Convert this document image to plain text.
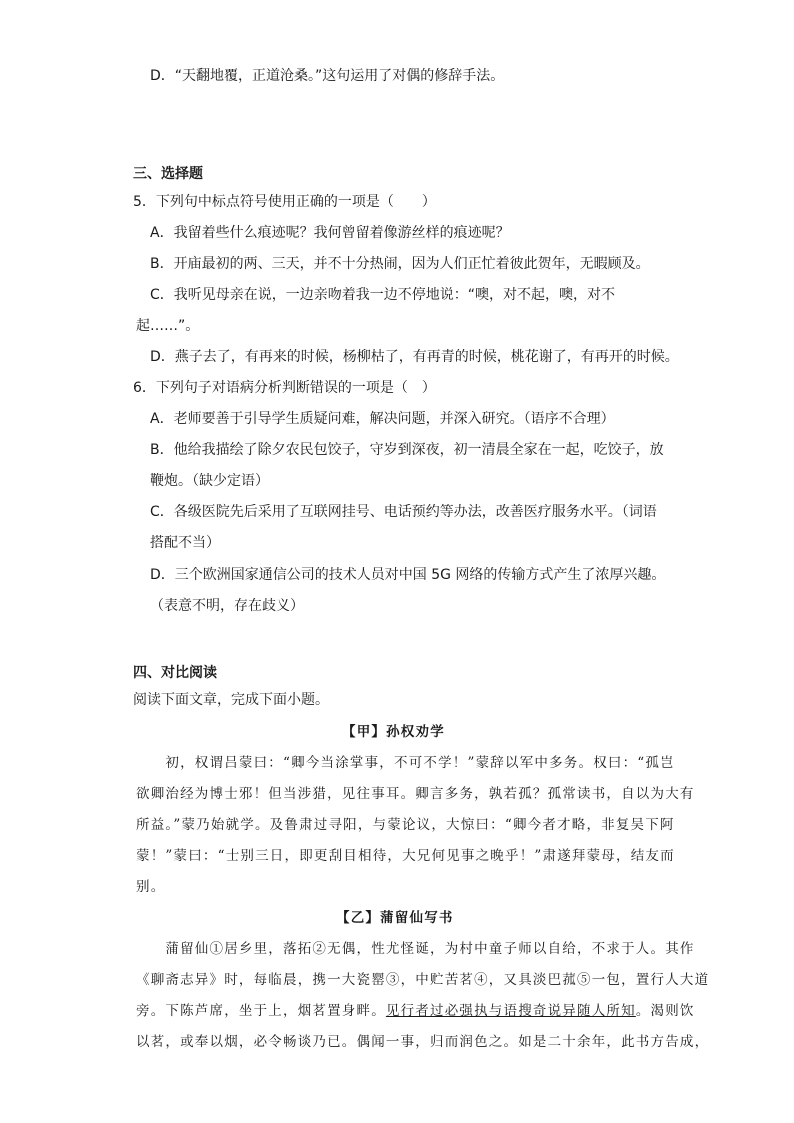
D．“天翻地覆，正道沧桑。”这句运用了对偶的修辞手法。
三、选择题
5．下列句中标点符号使用正确的一项是（　　）
A．我留着些什么痕迹呢？我何曾留着像游丝样的痕迹呢？
B．开庙最初的两、三天，并不十分热闹，因为人们正忙着彼此贺年，无暇顾及。
C．我听见母亲在说，一边亲吻着我一边不停地说：“噢，对不起，噢，对不
起……”。
D．燕子去了，有再来的时候，杨柳枯了，有再青的时候，桃花谢了，有再开的时候。
6．下列句子对语病分析判断错误的一项是（　）
A．老师要善于引导学生质疑问难，解决问题，并深入研究。（语序不合理）
B．他给我描绘了除夕农民包饺子，守岁到深夜，初一清晨全家在一起，吃饺子，放
鞭炮。（缺少定语）
C．各级医院先后采用了互联网挂号、电话预约等办法，改善医疗服务水平。（词语
搭配不当）
D．三个欧洲国家通信公司的技术人员对中国 5G 网络的传输方式产生了浓厚兴趣。
（表意不明，存在歧义）
四、对比阅读
阅读下面文章，完成下面小题。
【甲】孙权劝学
　　初，权谓吕蒙曰：“卿今当涂掌事，不可不学！”蒙辞以军中多务。权曰：“孤岂
欲卿治经为博士邪！但当涉猎，见往事耳。卿言多务，孰若孤？孤常读书，自以为大有
所益。”蒙乃始就学。及鲁肃过寻阳，与蒙论议，大惊曰：“卿今者才略，非复吴下阿
蒙！”蒙曰：“士别三日，即更刮目相待，大兄何见事之晚乎！”肃遂拜蒙母，结友而
别。
【乙】蒲留仙写书
　　蒲留仙①居乡里，落拓②无偶，性尤怪诞，为村中童子师以自给，不求于人。其作
《聊斋志异》时，每临晨，携一大瓷罂③，中贮苦茗④，又具淡巴菰⑤一包，置行人大道
旁。下陈芦席，坐于上，烟茗置身畔。见行者过必强执与语搜奇说异随人所知。渴则饮
以茗，或奉以烟，必令畅谈乃已。偶闻一事，归而润色之。如是二十余年，此书方告成，
